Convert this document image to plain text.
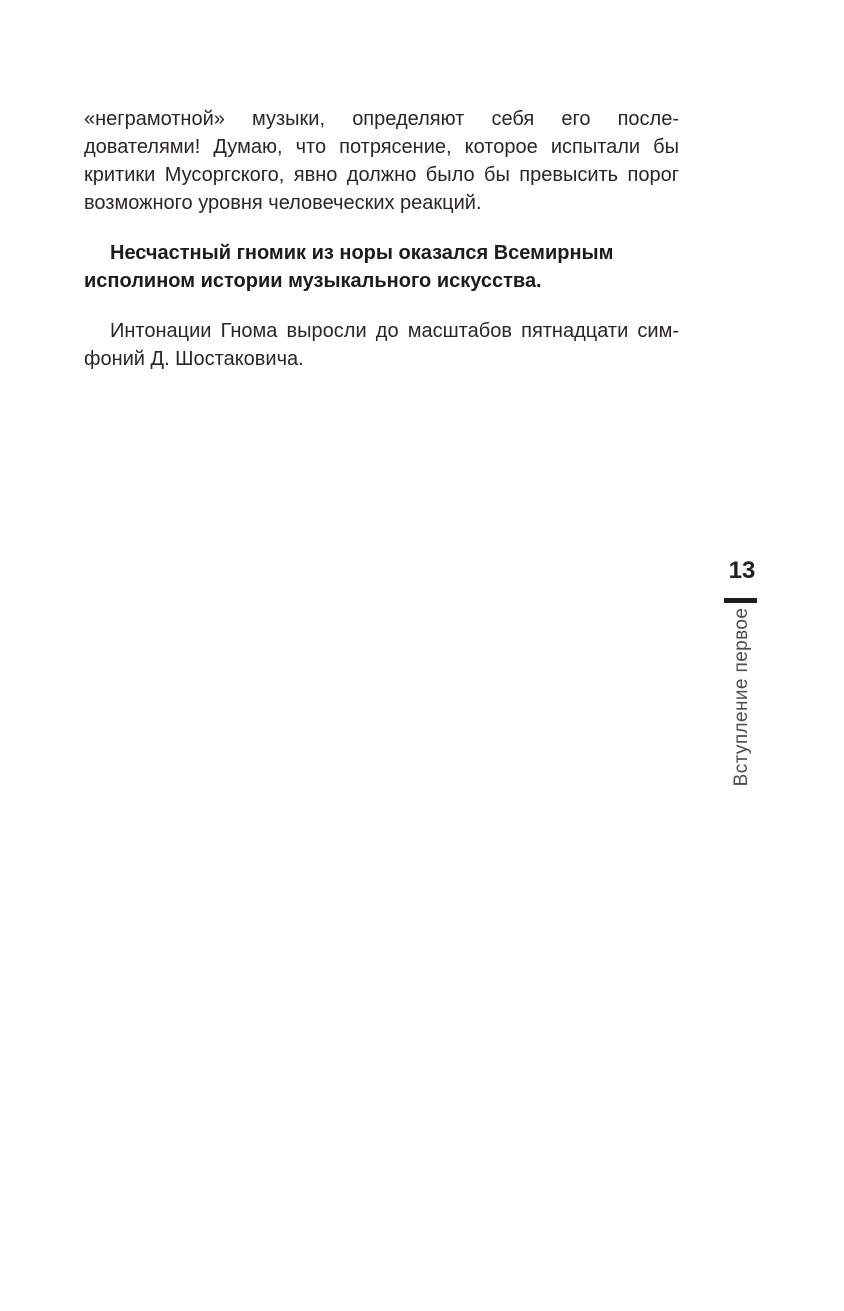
«неграмотной» музыки, определяют себя его после-
дователями! Думаю, что потрясение, которое испытали бы
критики Мусоргского, явно должно было бы превысить порог
возможного уровня человеческих реакций.
Несчастный гномик из норы оказался Всемирным
исполином истории музыкального искусства.
Интонации Гнома выросли до масштабов пятнадцати сим-
фоний Д. Шостаковича.
13
Вступление первое
